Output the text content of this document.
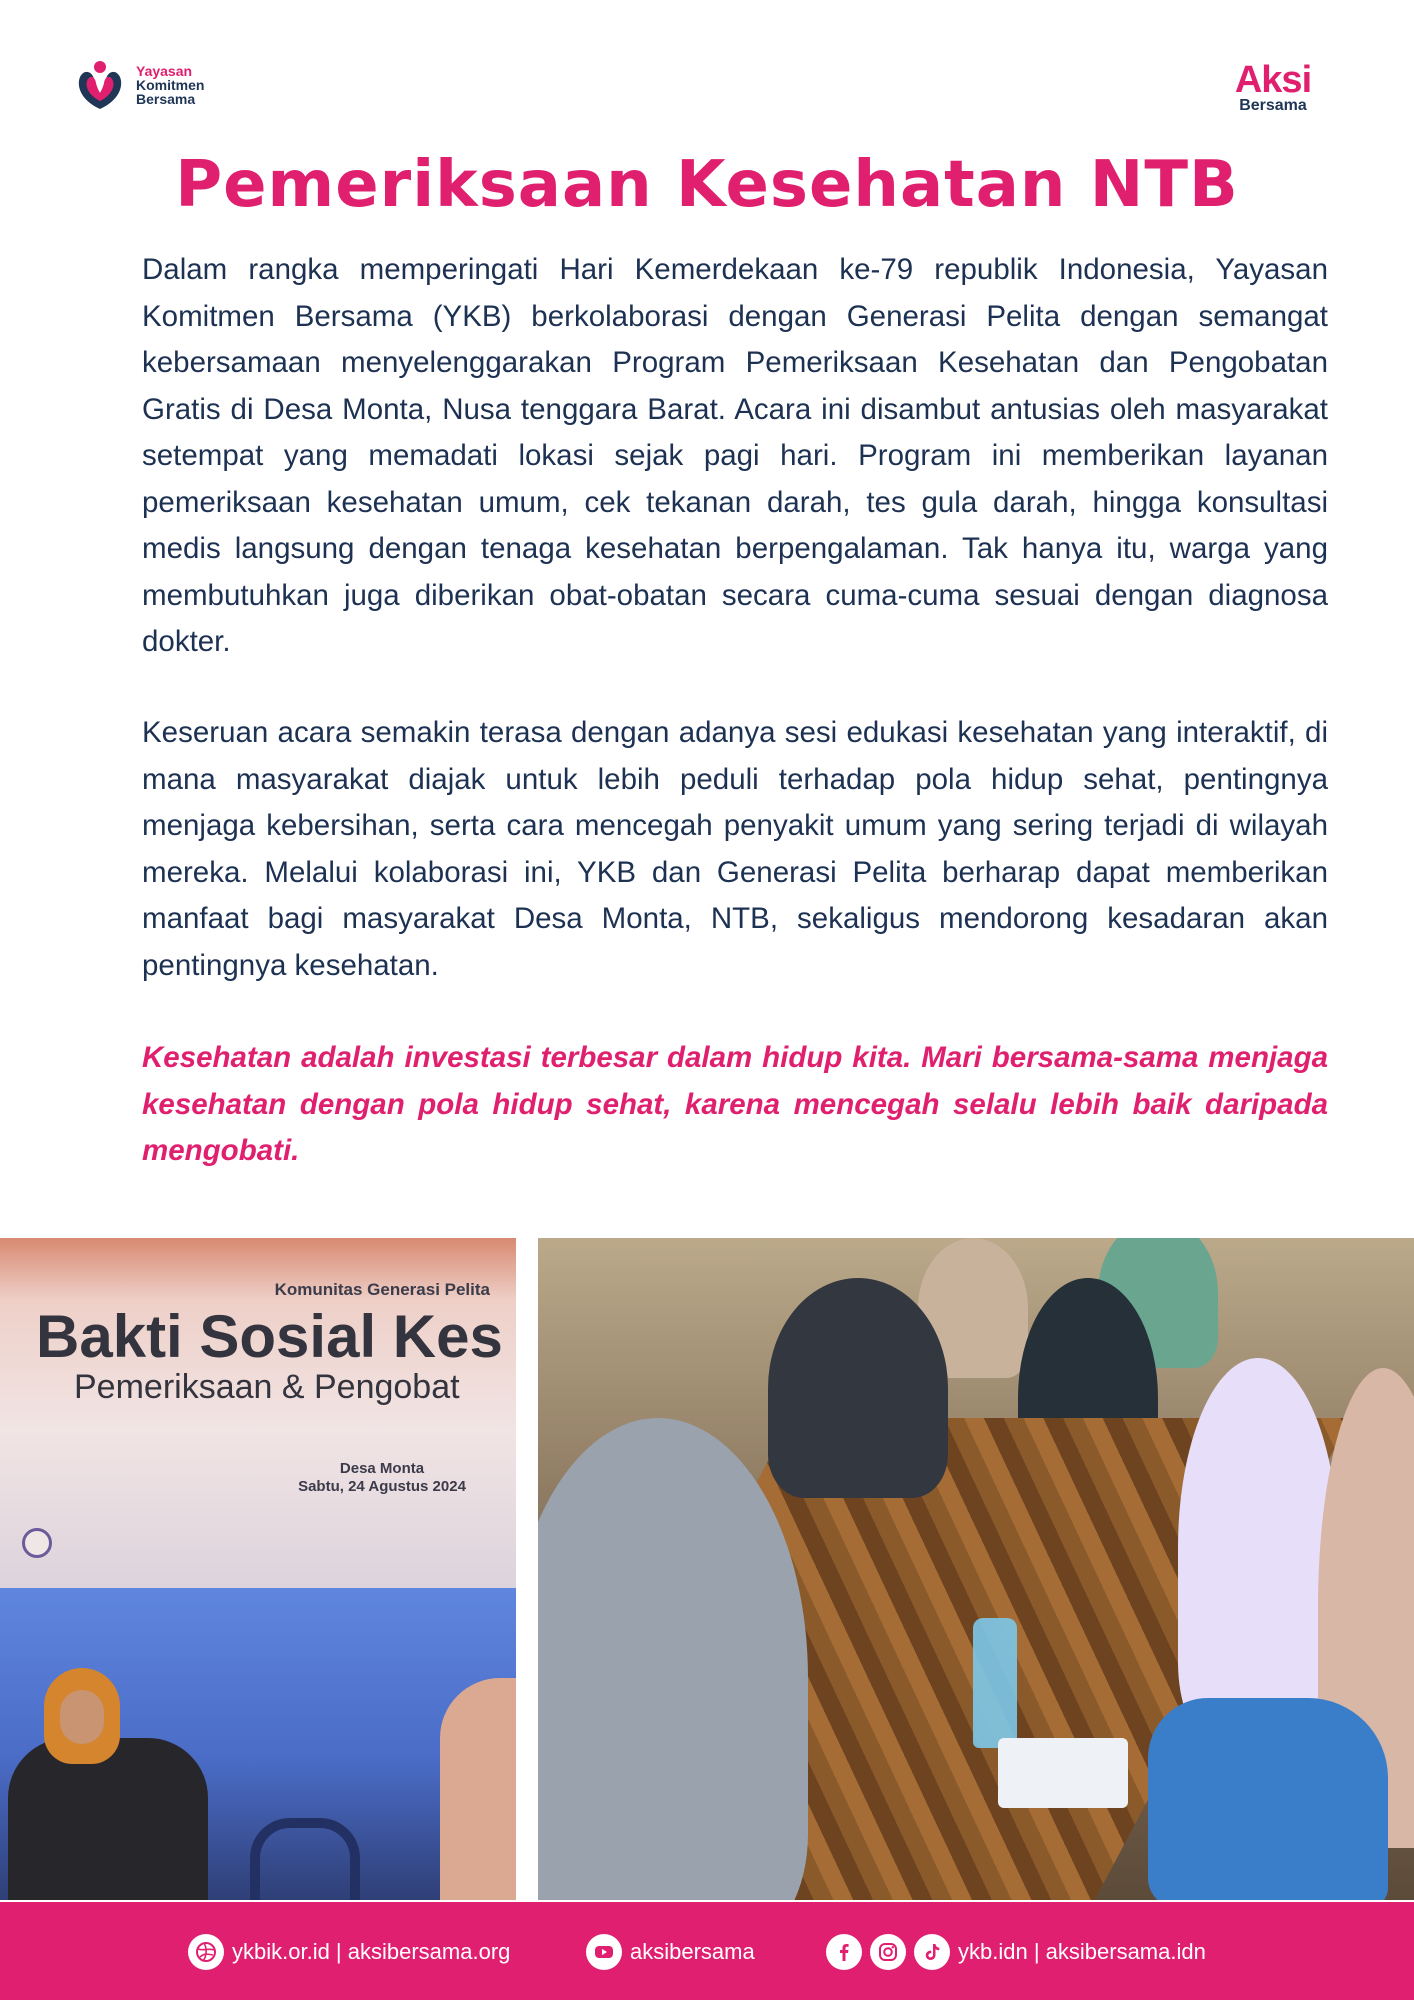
Yayasan
Komitmen
Bersama	Aksi
Bersama
Pemeriksaan Kesehatan NTB

Dalam rangka memperingati Hari Kemerdekaan ke-79 republik Indonesia, Yayasan Komitmen Bersama (YKB) berkolaborasi dengan Generasi Pelita dengan semangat kebersamaan menyelenggarakan Program Pemeriksaan Kesehatan dan Pengobatan Gratis di Desa Monta, Nusa tenggara Barat. Acara ini disambut antusias oleh masyarakat setempat yang memadati lokasi sejak pagi hari. Program ini memberikan layanan pemeriksaan kesehatan umum, cek tekanan darah, tes gula darah, hingga konsultasi medis langsung dengan tenaga kesehatan berpengalaman. Tak hanya itu, warga yang membutuhkan juga diberikan obat-obatan secara cuma-cuma sesuai dengan diagnosa dokter.

Keseruan acara semakin terasa dengan adanya sesi edukasi kesehatan yang interaktif, di mana masyarakat diajak untuk lebih peduli terhadap pola hidup sehat, pentingnya menjaga kebersihan, serta cara mencegah penyakit umum yang sering terjadi di wilayah mereka. Melalui kolaborasi ini, YKB dan Generasi Pelita berharap dapat memberikan manfaat bagi masyarakat Desa Monta, NTB, sekaligus mendorong kesadaran akan pentingnya kesehatan.

Kesehatan adalah investasi terbesar dalam hidup kita. Mari bersama-sama menjaga kesehatan dengan pola hidup sehat, karena mencegah selalu lebih baik daripada mengobati.

Komunitas Generasi Pelita
Bakti Sosial Kes
Pemeriksaan & Pengobat
Desa Monta
Sabtu, 24 Agustus 2024
ykbik.or.id | aksibersama.org	aksibersama	ykb.idn | aksibersama.idn
